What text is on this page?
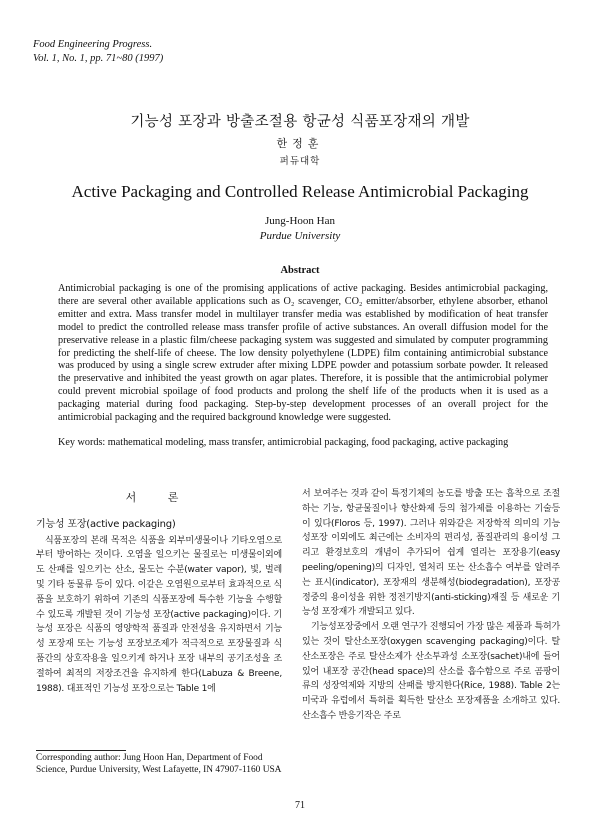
Food Engineering Progress.
Vol. 1, No. 1, pp. 71~80 (1997)
기능성 포장과 방출조절용 항균성 식품포장재의 개발
한정훈
퍼듀대학
Active Packaging and Controlled Release Antimicrobial Packaging
Jung-Hoon Han
Purdue University
Abstract
Antimicrobial packaging is one of the promising applications of active packaging. Besides antimicrobial packaging, there are several other available applications such as O₂ scavenger, CO₂ emitter/absorber, ethylene absorber, ethanol emitter and extra. Mass transfer model in multilayer transfer media was established by modification of heat transfer model to predict the controlled release mass transfer profile of active substances. An overall diffusion model for the preservative release in a plastic film/cheese packaging system was suggested and simulated by computer programming for predicting the shelf-life of cheese. The low density polyethylene (LDPE) film containing antimicrobial substance was produced by using a single screw extruder after mixing LDPE powder and potassium sorbate powder. It released the preservative and inhibited the yeast growth on agar plates. Therefore, it is possible that the antimicrobial polymer could prevent microbial spoilage of food products and prolong the shelf life of the products when it is used as a packaging material during food packaging. Step-by-step development processes of an overall project for the antimicrobial packaging and the required background knowledge were suggested.
Key words: mathematical modeling, mass transfer, antimicrobial packaging, food packaging, active packaging
서 론
기능성 포장(active packaging)

식품포장의 본래 목적은 식품을 외부미생물이나 기타오염으로부터 방어하는 것이다. 오염을 일으키는 물질로는 미생물이외에도 산패를 일으키는 산소, 물도는 수분(water vapor), 빛, 벌레 및 기타 동물류 등이 있다. 이같은 오염원으로부터 효과적으로 식품을 보호하기 위하여 기존의 식품포장에 특수한 기능을 수행할수 있도록 개발된 것이 기능성 포장(active packaging)이다. 기능성 포장은 식품의 영양학적 품질과 안전성을 유지하면서 기능성 포장재 또는 기능성 포장보조제가 적극적으로 포장물질과 식품간의 상호작용을 일으키게 하거나 포장 내부의 공기조성을 조절하여 최적의 저장조건을 유지하게 한다(Labuza & Breene, 1988). 대표적인 기능성 포장으로는 Table 1에

서 보여주는 것과 같이 특정기체의 농도를 방출 또는 흡착으로 조절하는 기능, 항균물질이나 향산화제 등의 첨가제를 이용하는 기술등이 있다(Floros 등, 1997). 그러나 위와같은 저장학적 의미의 기능성포장 이외에도 최근에는 소비자의 편리성, 품질관리의 용이성 그리고 환경보호의 개념이 추가되어 쉽게 열리는 포장용기(easy peeling/opening)의 디자인, 열처리 또는 산소흡수 여부를 알려주는 표시(indicator), 포장재의 생분해성(biodegradation), 포장공정중의 용이성을 위한 정전기방지(anti-sticking)재질 등 새로운 기능성 포장재가 개발되고 있다.

기능성포장중에서 오랜 연구가 진행되어 가장 많은 제품과 특허가 있는 것이 탈산소포장(oxygen scavenging packaging)이다. 탈산소포장은 주로 탈산소제가 산소투과성 소포장(sachet)내에 들어있어 내포장 공간(head space)의 산소를 흡수함으로 주로 곰팡이류의 성장억제와 지방의 산패를 방지한다(Rice, 1988). Table 2는 미국과 유럽에서 특허를 획득한 탈산소 포장제품을 소개하고 있다. 산소흡수 반응기작은 주로

Corresponding author: Jung Hoon Han, Department of Food Science, Purdue University, West Lafayette, IN 47907-1160 USA
71
